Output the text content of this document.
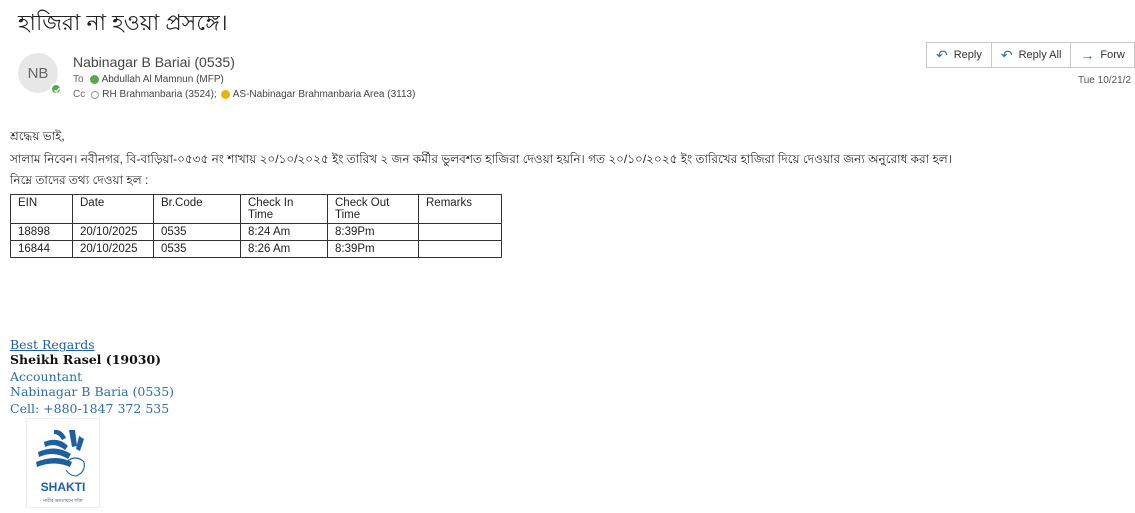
হাজিরা না হওয়া প্রসঙ্গে।
NB
Nabinagar B Bariai (0535)
To Abdullah Al Mamnun (MFP)
Cc RH Brahmanbaria (3524); AS-Nabinagar Brahmanbaria Area (3113)
↶ Reply ↶ Reply All → Forw
Tue 10/21/2
শ্রদ্ধেয় ভাই,
সালাম নিবেন। নবীনগর, বি-বাড়িয়া-০৫৩৫ নং শাখায় ২০/১০/২০২৫ ইং তারিখ ২ জন কর্মীর ভুলবশত হাজিরা দেওয়া হয়নি। গত ২০/১০/২০২৫ ইং তারিখের হাজিরা দিয়ে দেওয়ার জন্য অনুরোধ করা হল।
নিম্নে তাদের তথ্য দেওয়া হল :
EIN	Date	Br.Code	Check In Time	Check Out Time	Remarks
18898	20/10/2025	0535	8:24 Am	8:39Pm	
16844	20/10/2025	0535	8:26 Am	8:39Pm	
Best Regards
Sheikh Rasel (19030)
Accountant
Nabinagar B Baria (0535)
Cell: +880-1847 372 535
SHAKTI
নারীর ক্ষমতায়নে শক্তি
